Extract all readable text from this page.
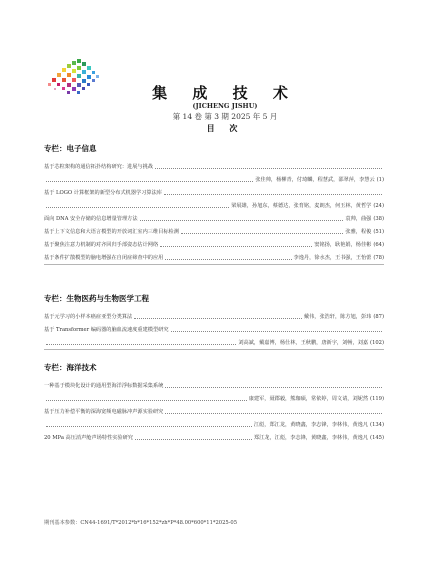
集 成 技 术
(JICHENG JISHU)
第 14 卷 第 3 期 2025 年 5 月
目 次
专栏：电子信息
基于芯粒架构的通信拓扑结构研究：进展与挑战
张佳帅，杨柳青，付琦麟，程慧武，邵翠萍，李慧云 (1)
基于 LOGO 计算框架的新型分布式机器学习算法库
梁展雄，孙旭东，蔡德达，张育铭，麦朗杰，何玉林，黄哲学 (24)
面向 DNA 安全存储的信息增量管理方法	袁帅，曲强 (38)
基于上下文信息和大语言模型的开放词汇室内三维目标检测	张雅，程俊 (51)
基于聚焦注意力机制的对齐回归手部姿态估计网络	窦铭扬，耿艳娟，杨佳彬 (64)
基于条件扩散模型的脑电增强在自闭症筛查中的应用	李逸丹，徐水杰，王书强，王怡蕾 (78)
专栏：生物医药与生物医学工程
基于元学习的小样本癌症亚型分类算法	戴伟，张浩轩，陈方旭，彭玮 (87)
基于 Transformer 编码器的脑血流速度重建模型研究
刘高斌，戴嘉博，杨仕林，王秋鹏，唐新宇，刘畅，刘嘉 (102)
专栏：海洋技术
一种基于模块化设计的通用型海洋浮标数据采集系统
康建军，聂郡毅，熊珈硕，常依婷，周文请，刘妮然 (119)
基于压力补偿平衡的深海宽频电磁脉冲声源实验研究
江彪，郑江龙，黄晓鑫，李志锋，李林伟，黄逸凡 (134)
20 MPa 高压消声舱声场特性实验研究	郑江龙，江彪，李志锋，黄晓鑫，李林伟，黄逸凡 (145)
期刊基本参数：CN44-1691/T*2012*b*16*152*zh*P*48.00*600*11*2025-05
